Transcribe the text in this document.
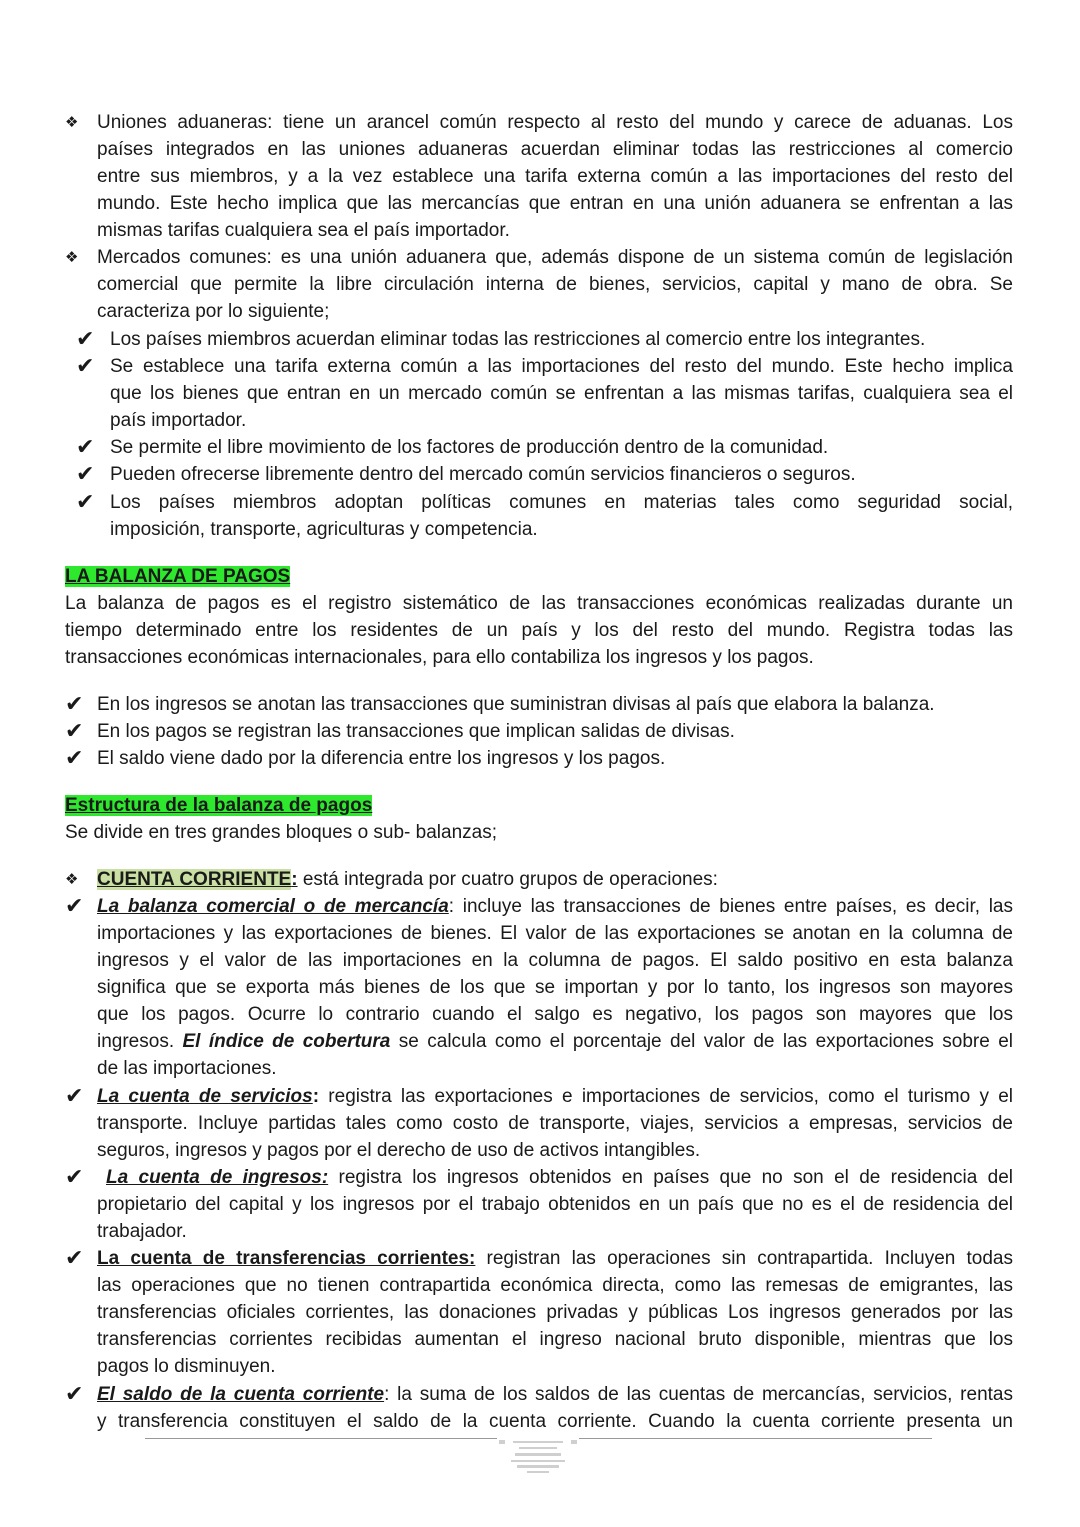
❖ Uniones aduaneras: tiene un arancel común respecto al resto del mundo y carece de aduanas. Los
países integrados en las uniones aduaneras acuerdan eliminar todas las restricciones al comercio
entre sus miembros, y a la vez establece una tarifa externa común a las importaciones del resto del
mundo. Este hecho implica que las mercancías que entran en una unión aduanera se enfrentan a las
mismas tarifas cualquiera sea el país importador.
❖ Mercados comunes: es una unión aduanera que, además dispone de un sistema común de legislación
comercial que permite la libre circulación interna de bienes, servicios, capital y mano de obra. Se
caracteriza por lo siguiente;
✔ Los países miembros acuerdan eliminar todas las restricciones al comercio entre los integrantes.
✔ Se establece una tarifa externa común a las importaciones del resto del mundo. Este hecho implica
que los bienes que entran en un mercado común se enfrentan a las mismas tarifas, cualquiera sea el
país importador.
✔ Se permite el libre movimiento de los factores de producción dentro de la comunidad.
✔ Pueden ofrecerse libremente dentro del mercado común servicios financieros o seguros.
✔ Los países miembros adoptan políticas comunes en materias tales como seguridad social,
imposición, transporte, agriculturas y competencia.
LA BALANZA DE PAGOS
La balanza de pagos es el registro sistemático de las transacciones económicas realizadas durante un
tiempo determinado entre los residentes de un país y los del resto del mundo. Registra todas las
transacciones económicas internacionales, para ello contabiliza los ingresos y los pagos.
✔ En los ingresos se anotan las transacciones que suministran divisas al país que elabora la balanza.
✔ En los pagos se registran las transacciones que implican salidas de divisas.
✔ El saldo viene dado por la diferencia entre los ingresos y los pagos.
Estructura de la balanza de pagos
Se divide en tres grandes bloques o sub- balanzas;
❖ CUENTA CORRIENTE: está integrada por cuatro grupos de operaciones:
✔ La balanza comercial o de mercancía: incluye las transacciones de bienes entre países, es decir, las
importaciones y las exportaciones de bienes. El valor de las exportaciones se anotan en la columna de
ingresos y el valor de las importaciones en la columna de pagos. El saldo positivo en esta balanza
significa que se exporta más bienes de los que se importan y por lo tanto, los ingresos son mayores
que los pagos. Ocurre lo contrario cuando el salgo es negativo, los pagos son mayores que los
ingresos. El índice de cobertura se calcula como el porcentaje del valor de las exportaciones sobre el
de las importaciones.
✔ La cuenta de servicios: registra las exportaciones e importaciones de servicios, como el turismo y el
transporte. Incluye partidas tales como costo de transporte, viajes, servicios a empresas, servicios de
seguros, ingresos y pagos por el derecho de uso de activos intangibles.
✔ La cuenta de ingresos: registra los ingresos obtenidos en países que no son el de residencia del
propietario del capital y los ingresos por el trabajo obtenidos en un país que no es el de residencia del
trabajador.
✔ La cuenta de transferencias corrientes: registran las operaciones sin contrapartida. Incluyen todas
las operaciones que no tienen contrapartida económica directa, como las remesas de emigrantes, las
transferencias oficiales corrientes, las donaciones privadas y públicas Los ingresos generados por las
transferencias corrientes recibidas aumentan el ingreso nacional bruto disponible, mientras que los
pagos lo disminuyen.
✔ El saldo de la cuenta corriente: la suma de los saldos de las cuentas de mercancías, servicios, rentas
y transferencia constituyen el saldo de la cuenta corriente. Cuando la cuenta corriente presenta un
